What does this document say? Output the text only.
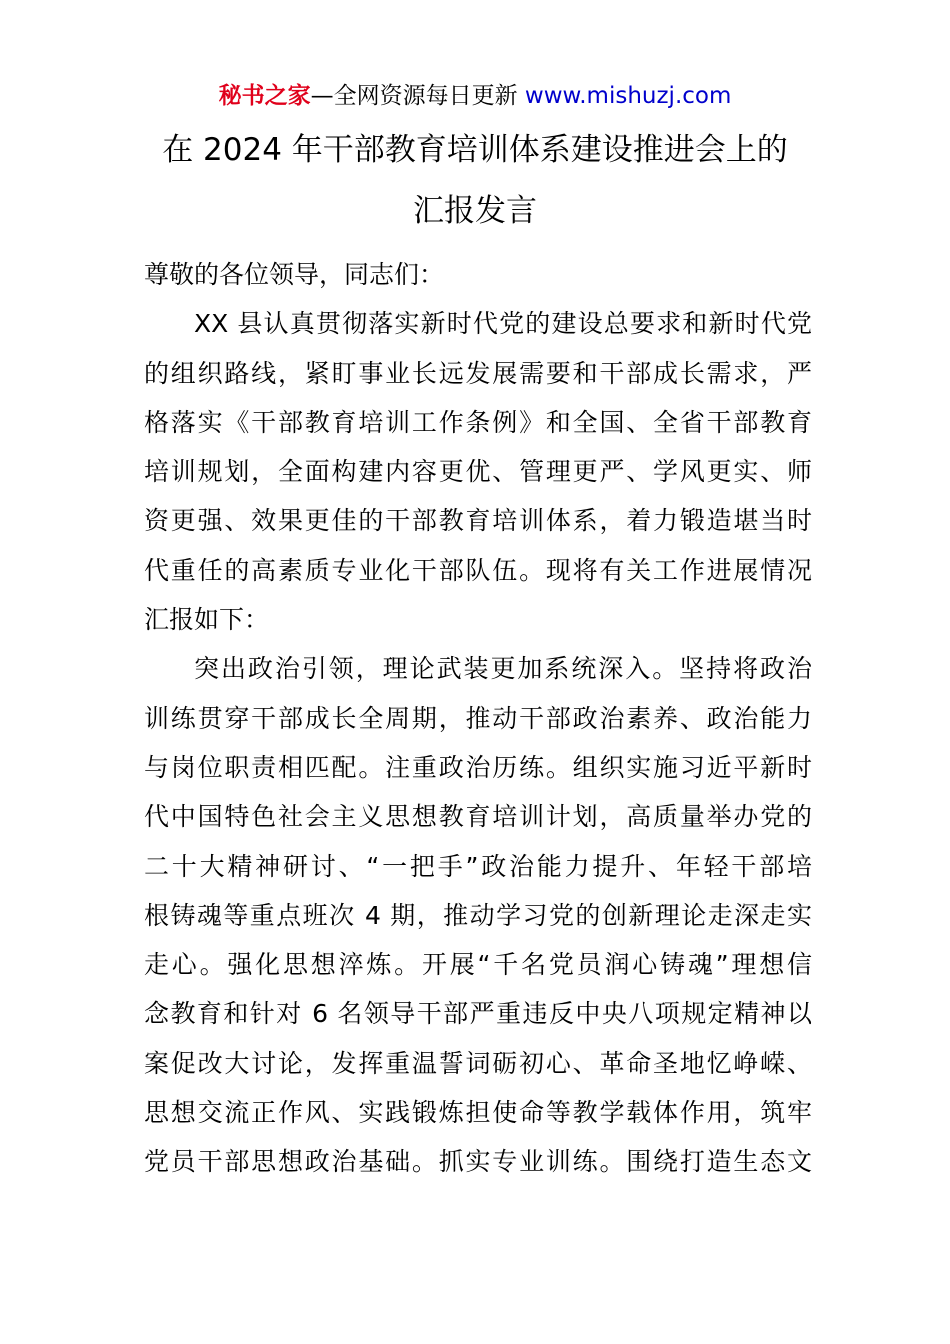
秘书之家—全网资源每日更新 www.mishuzj.com
在 2024 年干部教育培训体系建设推进会上的
汇报发言
尊敬的各位领导，同志们：
XX 县认真贯彻落实新时代党的建设总要求和新时代党
的组织路线，紧盯事业长远发展需要和干部成长需求，严
格落实《干部教育培训工作条例》和全国、全省干部教育
培训规划，全面构建内容更优、管理更严、学风更实、师
资更强、效果更佳的干部教育培训体系，着力锻造堪当时
代重任的高素质专业化干部队伍。现将有关工作进展情况
汇报如下：
突出政治引领，理论武装更加系统深入。坚持将政治
训练贯穿干部成长全周期，推动干部政治素养、政治能力
与岗位职责相匹配。注重政治历练。组织实施习近平新时
代中国特色社会主义思想教育培训计划，高质量举办党的
二十大精神研讨、“一把手”政治能力提升、年轻干部培
根铸魂等重点班次 4 期，推动学习党的创新理论走深走实
走心。强化思想淬炼。开展“千名党员润心铸魂”理想信
念教育和针对 6 名领导干部严重违反中央八项规定精神以
案促改大讨论，发挥重温誓词砺初心、革命圣地忆峥嵘、
思想交流正作风、实践锻炼担使命等教学载体作用，筑牢
党员干部思想政治基础。抓实专业训练。围绕打造生态文
